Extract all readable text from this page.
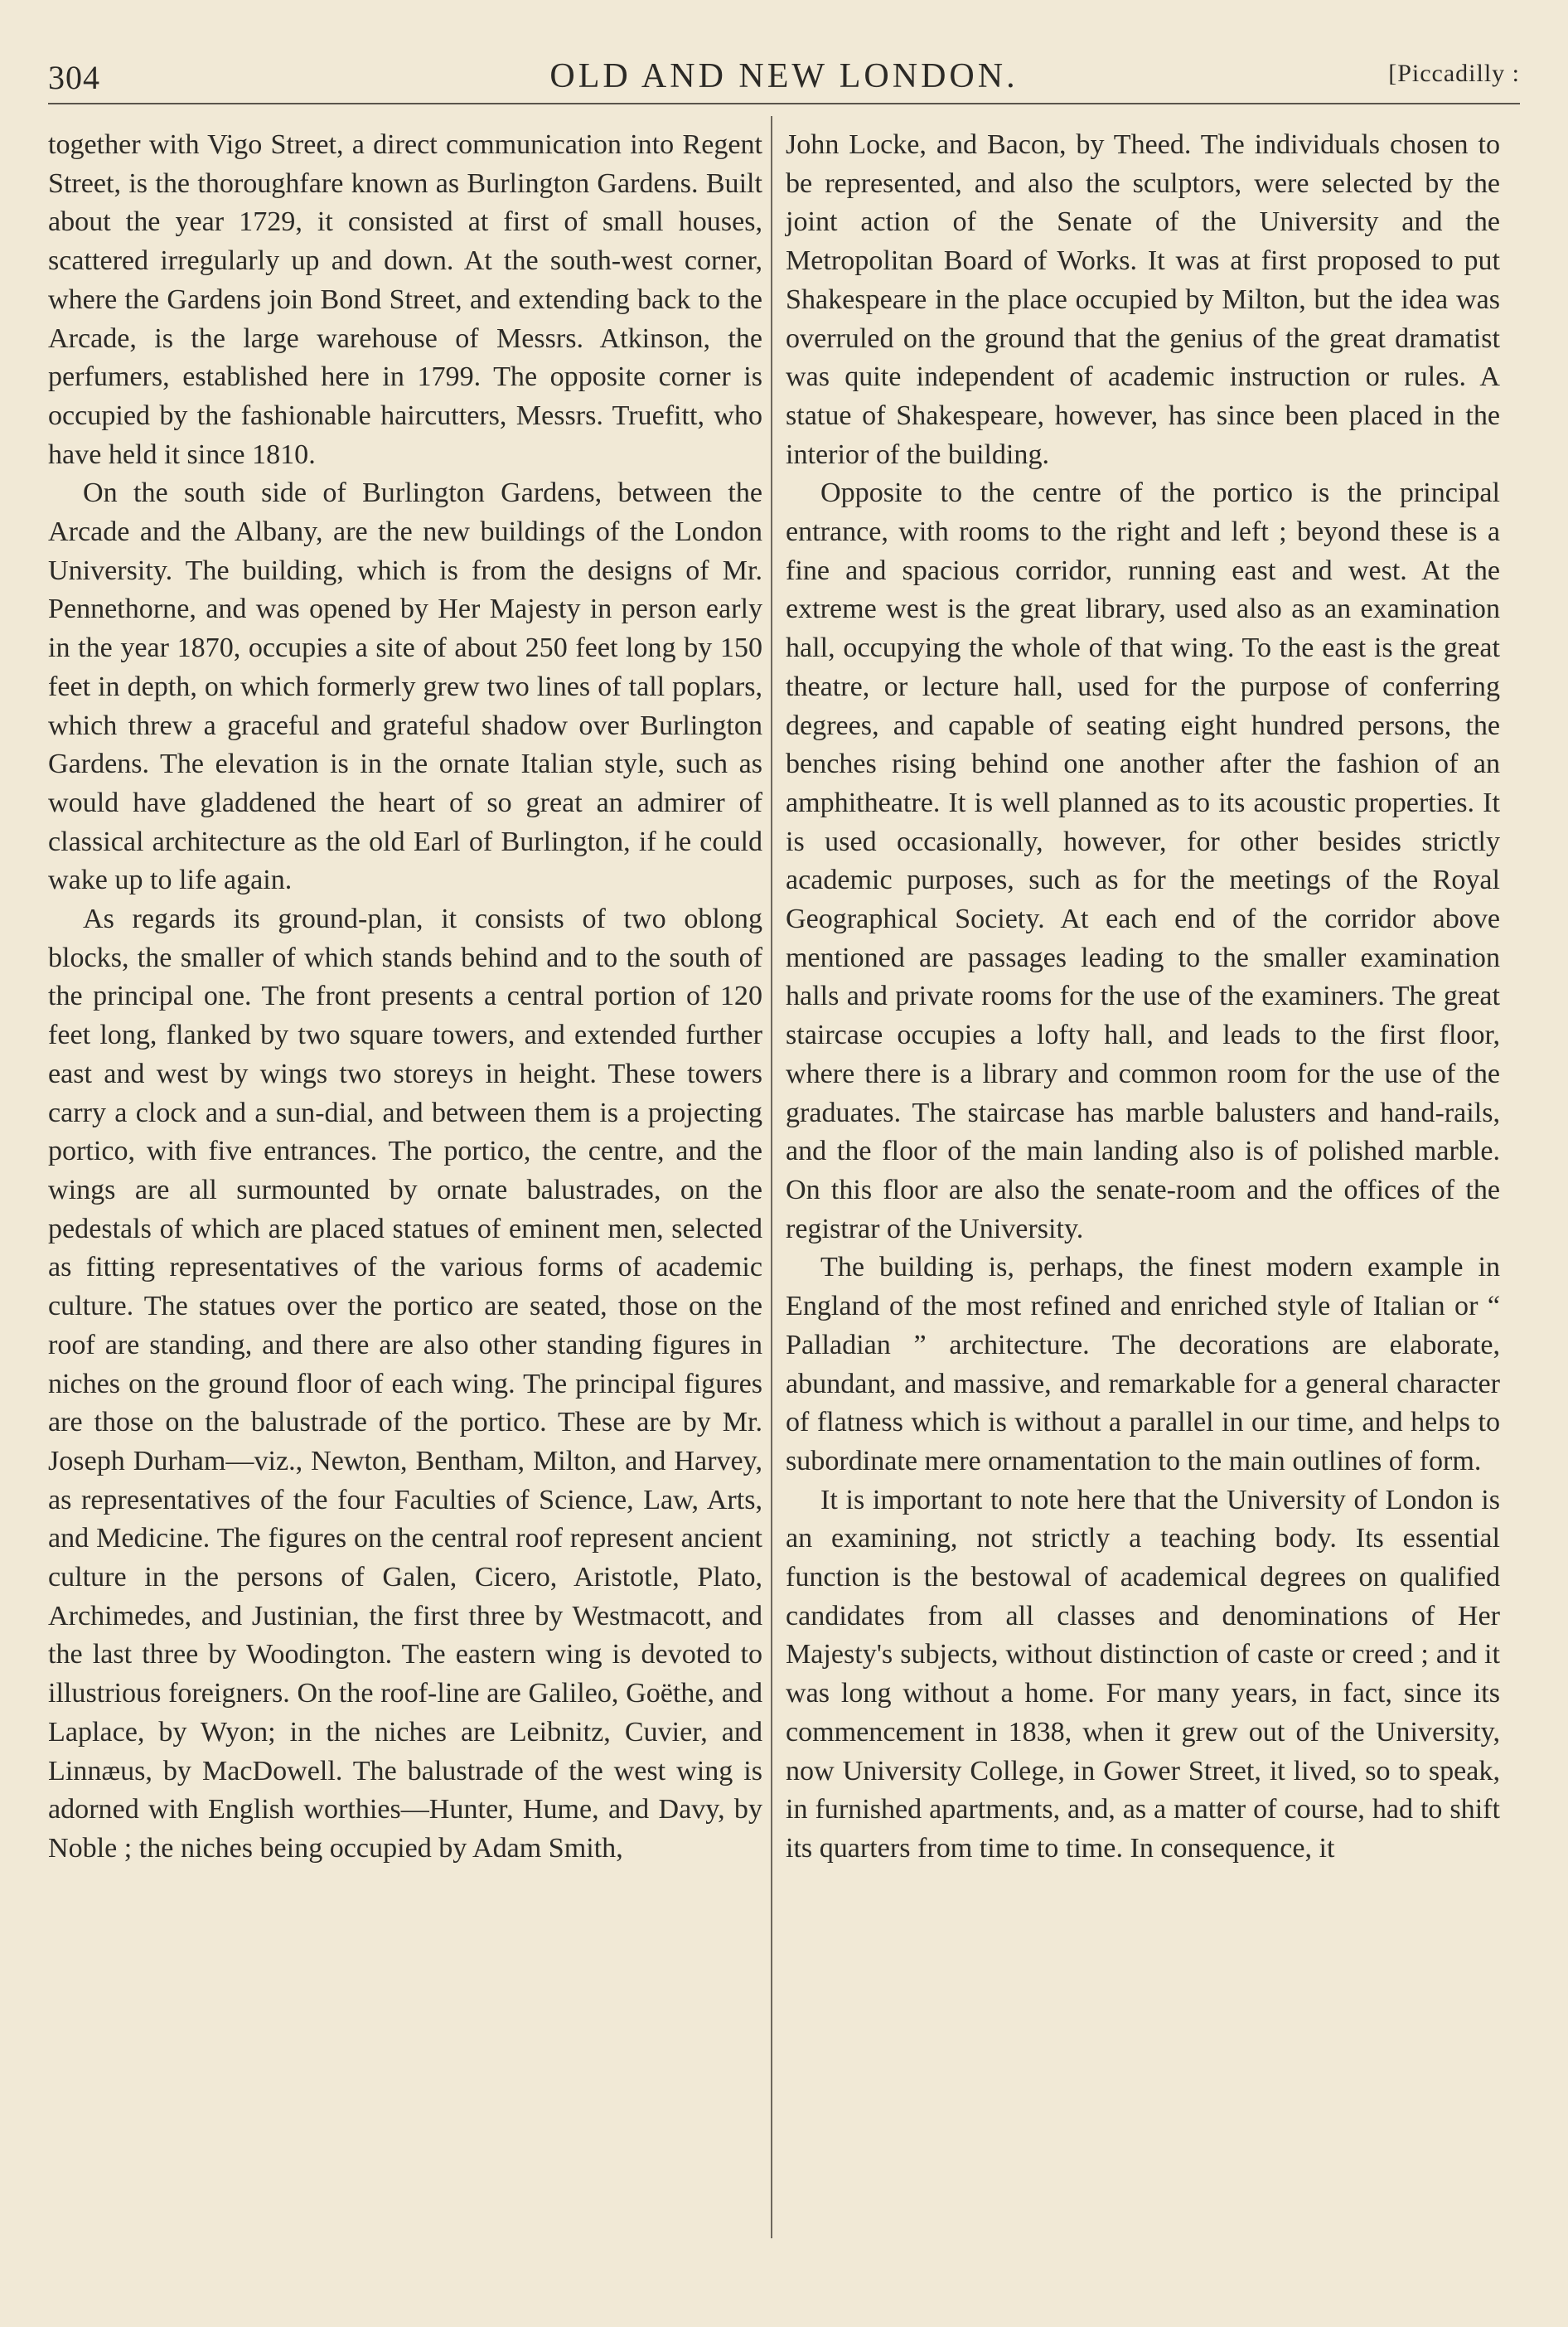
304	OLD AND NEW LONDON.	[Piccadilly :

together with Vigo Street, a direct communication into Regent Street, is the thoroughfare known as Burlington Gardens. Built about the year 1729, it consisted at first of small houses, scattered irregularly up and down. At the south-west corner, where the Gardens join Bond Street, and extending back to the Arcade, is the large warehouse of Messrs. Atkinson, the perfumers, established here in 1799. The opposite corner is occupied by the fashionable haircutters, Messrs. Truefitt, who have held it since 1810.

On the south side of Burlington Gardens, between the Arcade and the Albany, are the new buildings of the London University. The building, which is from the designs of Mr. Pennethorne, and was opened by Her Majesty in person early in the year 1870, occupies a site of about 250 feet long by 150 feet in depth, on which formerly grew two lines of tall poplars, which threw a graceful and grateful shadow over Burlington Gardens. The elevation is in the ornate Italian style, such as would have gladdened the heart of so great an admirer of classical architecture as the old Earl of Burlington, if he could wake up to life again.

As regards its ground-plan, it consists of two oblong blocks, the smaller of which stands behind and to the south of the principal one. The front presents a central portion of 120 feet long, flanked by two square towers, and extended further east and west by wings two storeys in height. These towers carry a clock and a sun-dial, and between them is a projecting portico, with five entrances. The portico, the centre, and the wings are all surmounted by ornate balustrades, on the pedestals of which are placed statues of eminent men, selected as fitting representatives of the various forms of academic culture. The statues over the portico are seated, those on the roof are standing, and there are also other standing figures in niches on the ground floor of each wing. The principal figures are those on the balustrade of the portico. These are by Mr. Joseph Durham—viz., Newton, Bentham, Milton, and Harvey, as representatives of the four Faculties of Science, Law, Arts, and Medicine. The figures on the central roof represent ancient culture in the persons of Galen, Cicero, Aristotle, Plato, Archimedes, and Justinian, the first three by Westmacott, and the last three by Woodington. The eastern wing is devoted to illustrious foreigners. On the roof-line are Galileo, Goëthe, and Laplace, by Wyon; in the niches are Leibnitz, Cuvier, and Linnæus, by MacDowell. The balustrade of the west wing is adorned with English worthies—Hunter, Hume, and Davy, by Noble ; the niches being occupied by Adam Smith,

John Locke, and Bacon, by Theed. The individuals chosen to be represented, and also the sculptors, were selected by the joint action of the Senate of the University and the Metropolitan Board of Works. It was at first proposed to put Shakespeare in the place occupied by Milton, but the idea was overruled on the ground that the genius of the great dramatist was quite independent of academic instruction or rules. A statue of Shakespeare, however, has since been placed in the interior of the building.

Opposite to the centre of the portico is the principal entrance, with rooms to the right and left ; beyond these is a fine and spacious corridor, running east and west. At the extreme west is the great library, used also as an examination hall, occupying the whole of that wing. To the east is the great theatre, or lecture hall, used for the purpose of conferring degrees, and capable of seating eight hundred persons, the benches rising behind one another after the fashion of an amphitheatre. It is well planned as to its acoustic properties. It is used occasionally, however, for other besides strictly academic purposes, such as for the meetings of the Royal Geographical Society. At each end of the corridor above mentioned are passages leading to the smaller examination halls and private rooms for the use of the examiners. The great staircase occupies a lofty hall, and leads to the first floor, where there is a library and common room for the use of the graduates. The staircase has marble balusters and hand-rails, and the floor of the main landing also is of polished marble. On this floor are also the senate-room and the offices of the registrar of the University.

The building is, perhaps, the finest modern example in England of the most refined and enriched style of Italian or “ Palladian ” architecture. The decorations are elaborate, abundant, and massive, and remarkable for a general character of flatness which is without a parallel in our time, and helps to subordinate mere ornamentation to the main outlines of form.

It is important to note here that the University of London is an examining, not strictly a teaching body. Its essential function is the bestowal of academical degrees on qualified candidates from all classes and denominations of Her Majesty's subjects, without distinction of caste or creed ; and it was long without a home. For many years, in fact, since its commencement in 1838, when it grew out of the University, now University College, in Gower Street, it lived, so to speak, in furnished apartments, and, as a matter of course, had to shift its quarters from time to time. In consequence, it
